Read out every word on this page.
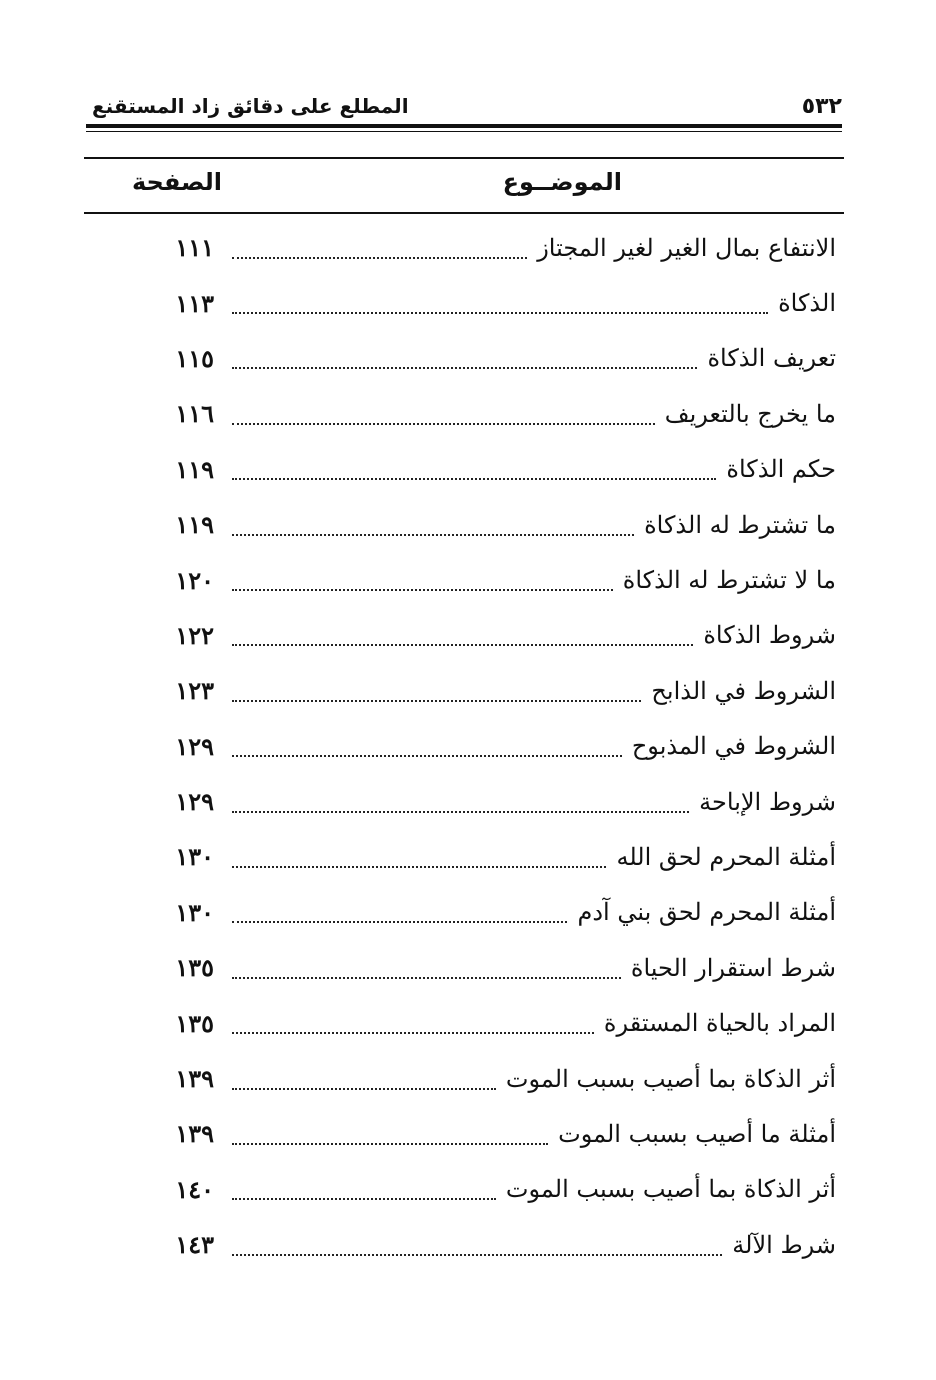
٥٣٢
المطلع على دقائق زاد المستقنع
الموضــوع
الصفحة
الانتفاع بمال الغير لغير المجتاز
١١١
الذكاة
١١٣
تعريف الذكاة
١١٥
ما يخرج بالتعريف
١١٦
حكم الذكاة
١١٩
ما تشترط له الذكاة
١١٩
ما لا تشترط له الذكاة
١٢٠
شروط الذكاة
١٢٢
الشروط في الذابح
١٢٣
الشروط في المذبوح
١٢٩
شروط الإباحة
١٢٩
أمثلة المحرم لحق الله
١٣٠
أمثلة المحرم لحق بني آدم
١٣٠
شرط استقرار الحياة
١٣٥
المراد بالحياة المستقرة
١٣٥
أثر الذكاة بما أصيب بسبب الموت
١٣٩
أمثلة ما أصيب بسبب الموت
١٣٩
أثر الذكاة بما أصيب بسبب الموت
١٤٠
شرط الآلة
١٤٣
